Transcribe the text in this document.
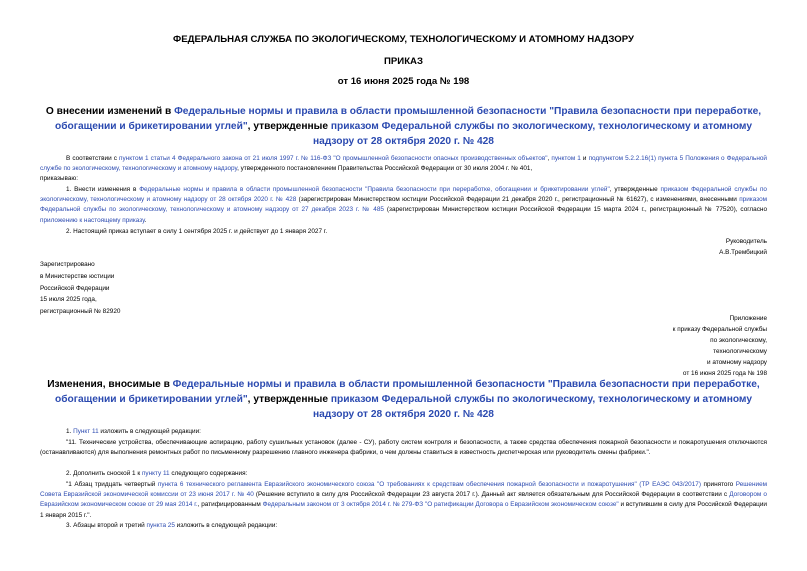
ФЕДЕРАЛЬНАЯ СЛУЖБА ПО ЭКОЛОГИЧЕСКОМУ, ТЕХНОЛОГИЧЕСКОМУ И АТОМНОМУ НАДЗОРУ
ПРИКАЗ
от 16 июня 2025 года № 198
О внесении изменений в Федеральные нормы и правила в области промышленной безопасности "Правила безопасности при переработке, обогащении и брикетировании углей", утвержденные приказом Федеральной службы по экологическому, технологическому и атомному надзору от 28 октября 2020 г. № 428
В соответствии с пунктом 1 статьи 4 Федерального закона от 21 июля 1997 г. № 116-ФЗ "О промышленной безопасности опасных производственных объектов", пунктом 1 и подпунктом 5.2.2.16(1) пункта 5 Положения о Федеральной службе по экологическому, технологическому и атомному надзору, утвержденного постановлением Правительства Российской Федерации от 30 июля 2004 г. № 401,
приказываю:
1. Внести изменения в Федеральные нормы и правила в области промышленной безопасности "Правила безопасности при переработке, обогащении и брикетировании углей", утвержденные приказом Федеральной службы по экологическому, технологическому и атомному надзору от 28 октября 2020 г. № 428 (зарегистрирован Министерством юстиции Российской Федерации 21 декабря 2020 г., регистрационный № 61627), с изменениями, внесенными приказом Федеральной службы по экологическому, технологическому и атомному надзору от 27 декабря 2023 г. № 485 (зарегистрирован Министерством юстиции Российской Федерации 15 марта 2024 г., регистрационный № 77520), согласно приложению к настоящему приказу.
2. Настоящий приказ вступает в силу 1 сентября 2025 г. и действует до 1 января 2027 г.
Руководитель
А.В.Трембицкий
Зарегистрировано
в Министерстве юстиции
Российской Федерации
15 июля 2025 года,
регистрационный № 82920
Приложение
к приказу Федеральной службы
по экологическому,
технологическому
и атомному надзору
от 16 июня 2025 года № 198
Изменения, вносимые в Федеральные нормы и правила в области промышленной безопасности "Правила безопасности при переработке, обогащении и брикетировании углей", утвержденные приказом Федеральной службы по экологическому, технологическому и атомному надзору от 28 октября 2020 г. № 428
1. Пункт 11 изложить в следующей редакции:
"11. Технические устройства, обеспечивающие аспирацию, работу сушильных установок (далее - СУ), работу систем контроля и безопасности, а также средства обеспечения пожарной безопасности и пожаротушения отключаются (останавливаются) для выполнения ремонтных работ по письменному разрешению главного инженера фабрики, о чем должны ставиться в известность диспетчерская или руководитель смены фабрики.".
2. Дополнить сноской 1 к пункту 11 следующего содержания:
"1 Абзац тридцать четвертый пункта 6 технического регламента Евразийского экономического союза "О требованиях к средствам обеспечения пожарной безопасности и пожаротушения" (ТР ЕАЭС 043/2017) принятого Решением Совета Евразийской экономической комиссии от 23 июня 2017 г. № 40 (Решение вступило в силу для Российской Федерации 23 августа 2017 г.). Данный акт является обязательным для Российской Федерации в соответствии с Договором о Евразийском экономическом союзе от 29 мая 2014 г., ратифицированным Федеральным законом от 3 октября 2014 г. № 279-ФЗ "О ратификации Договора о Евразийском экономическом союзе" и вступившим в силу для Российской Федерации 1 января 2015 г.".
3. Абзацы второй и третий пункта 25 изложить в следующей редакции:
